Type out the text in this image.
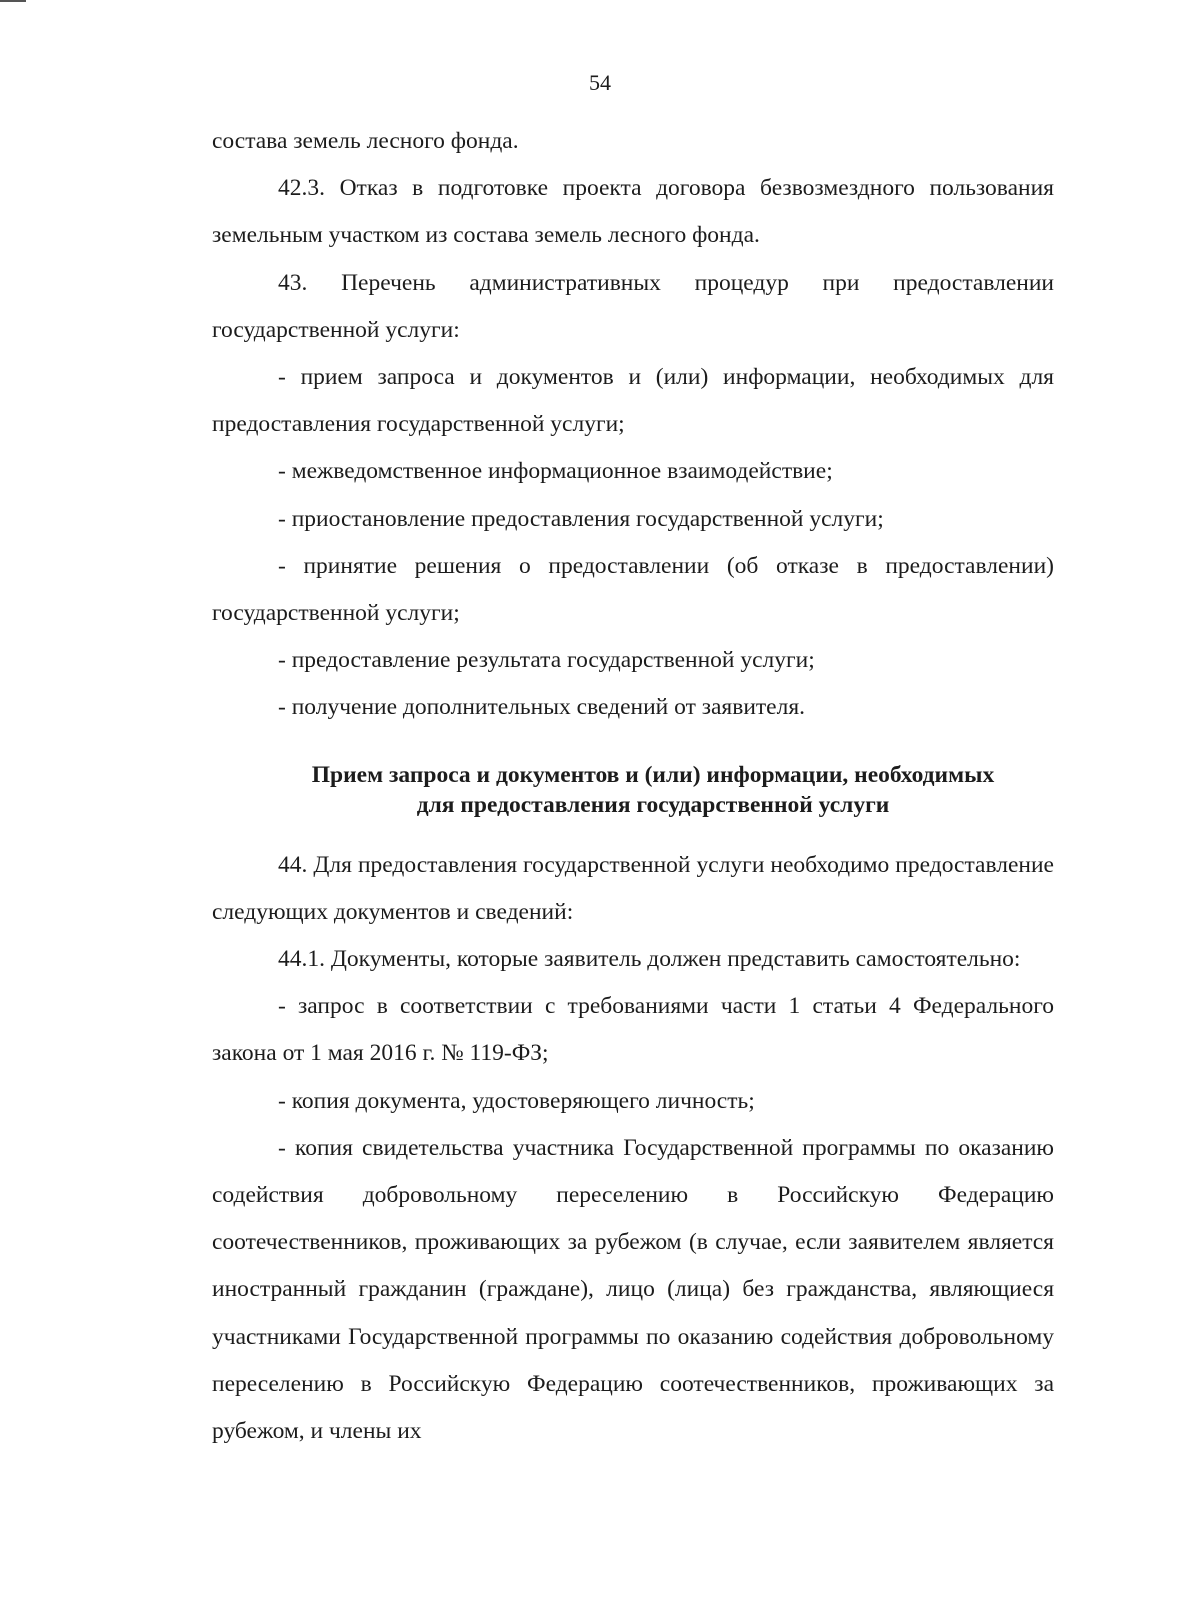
54

состава земель лесного фонда.

42.3. Отказ в подготовке проекта договора безвозмездного пользования земельным участком из состава земель лесного фонда.

43. Перечень административных процедур при предоставлении государственной услуги:

- прием запроса и документов и (или) информации, необходимых для предоставления государственной услуги;

- межведомственное информационное взаимодействие;

- приостановление предоставления государственной услуги;

- принятие решения о предоставлении (об отказе в предоставлении) государственной услуги;

- предоставление результата государственной услуги;

- получение дополнительных сведений от заявителя.

Прием запроса и документов и (или) информации, необходимых
для предоставления государственной услуги

44. Для предоставления государственной услуги необходимо предоставление следующих документов и сведений:

44.1. Документы, которые заявитель должен представить самостоятельно:

- запрос в соответствии с требованиями части 1 статьи 4 Федерального закона от 1 мая 2016 г. № 119-ФЗ;

- копия документа, удостоверяющего личность;

- копия свидетельства участника Государственной программы по оказанию содействия добровольному переселению в Российскую Федерацию соотечественников, проживающих за рубежом (в случае, если заявителем является иностранный гражданин (граждане), лицо (лица) без гражданства, являющиеся участниками Государственной программы по оказанию содействия добровольному переселению в Российскую Федерацию соотечественников, проживающих за рубежом, и члены их
